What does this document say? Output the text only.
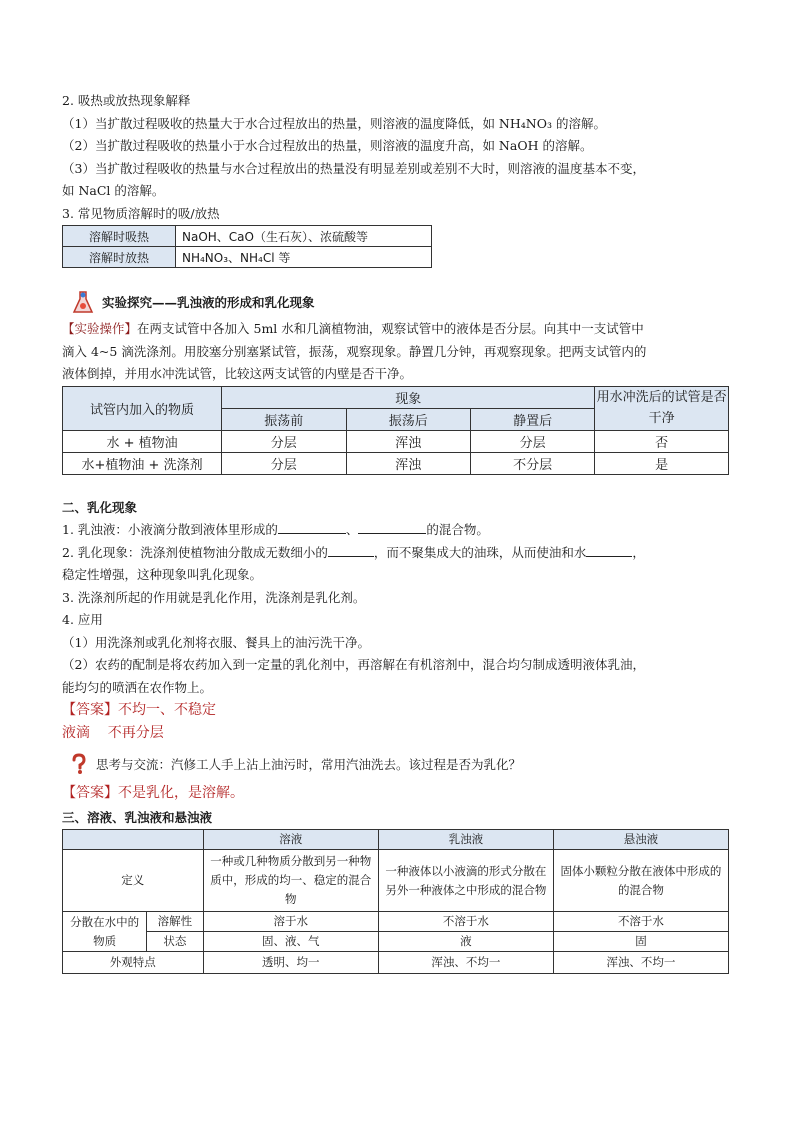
2. 吸热或放热现象解释

（1）当扩散过程吸收的热量大于水合过程放出的热量，则溶液的温度降低，如 NH₄NO₃ 的溶解。

（2）当扩散过程吸收的热量小于水合过程放出的热量，则溶液的温度升高，如 NaOH 的溶解。

（3）当扩散过程吸收的热量与水合过程放出的热量没有明显差别或差别不大时，则溶液的温度基本不变，

如 NaCl 的溶解。

3. 常见物质溶解时的吸/放热

溶解时吸热	NaOH、CaO（生石灰）、浓硫酸等
溶解时放热	NH₄NO₃、NH₄Cl 等
实验探究——乳浊液的形成和乳化现象

【实验操作】在两支试管中各加入 5ml 水和几滴植物油，观察试管中的液体是否分层。向其中一支试管中

滴入 4~5 滴洗涤剂。用胶塞分别塞紧试管，振荡，观察现象。静置几分钟，再观察现象。把两支试管内的

液体倒掉，并用水冲洗试管，比较这两支试管的内壁是否干净。

试管内加入的物质	现象			用水冲洗后的试管是否干净
	振荡前	振荡后	静置后	
水 + 植物油	分层	浑浊	分层	否
水+植物油 + 洗涤剂	分层	浑浊	不分层	是

二、乳化现象

1. 乳浊液：小液滴分散到液体里形成的	、	的混合物。

2. 乳化现象：洗涤剂使植物油分散成无数细小的	，而不聚集成大的油珠，从而使油和水	，

稳定性增强，这种现象叫乳化现象。

3. 洗涤剂所起的作用就是乳化作用，洗涤剂是乳化剂。

4. 应用

（1）用洗涤剂或乳化剂将衣服、餐具上的油污洗干净。

（2）农药的配制是将农药加入到一定量的乳化剂中，再溶解在有机溶剂中，混合均匀制成透明液体乳油，

能均匀的喷洒在农作物上。

【答案】不均一、不稳定

液滴    不再分层

思考与交流：汽修工人手上沾上油污时，常用汽油洗去。该过程是否为乳化？

【答案】不是乳化，是溶解。

三、溶液、乳浊液和悬浊液

		溶液	乳浊液	悬浊液
定义		一种或几种物质分散到另一种物质中，形成的均一、稳定的混合物	一种液体以小液滴的形式分散在另外一种液体之中形成的混合物	固体小颗粒分散在液体中形成的的混合物
分散在水中的物质	溶解性	溶于水	不溶于水	不溶于水
	状态	固、液、气	液	固
外观特点		透明、均一	浑浊、不均一	浑浊、不均一
